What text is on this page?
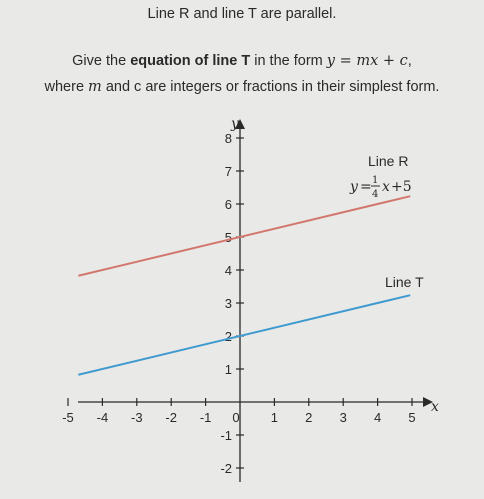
Line R and line T are parallel.
Give the equation of line T in the form y = mx + c,
where m and c are integers or fractions in their simplest form.
-5 -4 -3 -2 -1 0 1 2 3 4 5
8
7
6
5
4
3
2
1
-1
-2
y
x
Line R
y = 1
4 x +5
Line T
